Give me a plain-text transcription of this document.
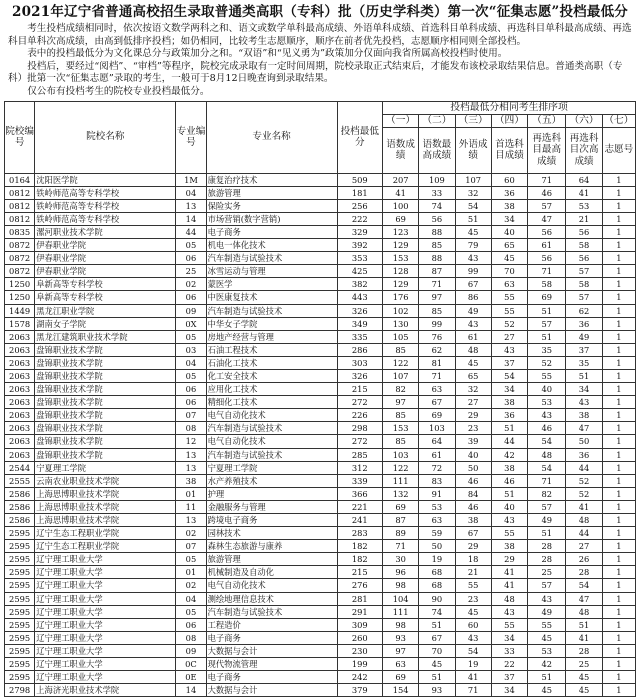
2021年辽宁省普通高校招生录取普通类高职（专科）批（历史学科类）第一次“征集志愿”投档最低分

考生投档成绩相同时，依次按语文数学两科之和、语文或数学单科最高成绩、外语单科成绩、首选科目单科成绩、再选科目单科最高成绩、再选科目单科次高成绩，由高到低排序投档；如仍相同，比较考生志愿顺序，顺序在前者优先投档，志愿顺序相同则全部投档。

表中的投档最低分为文化课总分与政策加分之和。“双语”和“见义勇为”政策加分仅面向我省所属高校投档时使用。

投档后，要经过“阅档”、“审档”等程序，院校完成录取有一定时间周期，院校录取正式结束后，才能发布该校录取结果信息。普通类高职（专科）批第一次“征集志愿”录取的考生，一般可于8月12日晚查询到录取结果。

仅公布有投档考生的院校专业投档最低分。

院校编号	院校名称	专业编号	专业名称	投档最低分	投档最低分相同考生排序项						
					（一）	（二）	（三）	（四）	（五）	（六）	（七）
					语数成绩	语数最高成绩	外语成绩	首选科目成绩	再选科目最高成绩	再选科目次高成绩	志愿号
0164	沈阳医学院	1M	康复治疗技术	509	207	109	107	60	71	64	1
0812	铁岭师范高等专科学校	04	旅游管理	181	41	33	32	36	46	41	1
0812	铁岭师范高等专科学校	13	保险实务	256	100	74	54	38	57	53	1
0812	铁岭师范高等专科学校	14	市场营销(数字营销)	222	69	56	51	34	47	21	1
0835	漯河职业技术学院	44	电子商务	329	123	88	45	40	56	56	1
0872	伊春职业学院	05	机电一体化技术	392	129	85	79	65	61	58	1
0872	伊春职业学院	06	汽车制造与试验技术	353	153	88	43	45	56	56	1
0872	伊春职业学院	25	冰雪运动与管理	425	128	87	99	70	71	57	1
1250	阜新高等专科学校	02	蒙医学	382	129	71	67	63	58	58	1
1250	阜新高等专科学校	06	中医康复技术	443	176	97	86	55	69	57	1
1449	黑龙江职业学院	09	汽车制造与试验技术	326	102	85	49	55	51	62	1
1578	湖南女子学院	0X	中华女子学院	349	130	99	43	52	57	36	1
2063	黑龙江建筑职业技术学院	05	房地产经营与管理	335	105	76	61	27	51	49	1
2063	盘锦职业技术学院	03	石油工程技术	286	85	62	48	43	35	37	1
2063	盘锦职业技术学院	04	石油化工技术	303	122	81	45	37	52	35	1
2063	盘锦职业技术学院	05	化工安全技术	326	107	71	65	54	55	51	1
2063	盘锦职业技术学院	06	应用化工技术	215	82	63	32	34	40	34	1
2063	盘锦职业技术学院	06	精细化工技术	272	97	67	27	38	53	43	1
2063	盘锦职业技术学院	07	电气自动化技术	226	85	69	29	36	43	38	1
2063	盘锦职业技术学院	08	汽车制造与试验技术	298	153	103	23	51	46	47	1
2063	盘锦职业技术学院	12	电气自动化技术	272	85	64	39	44	54	50	1
2063	盘锦职业技术学院	13	汽车制造与试验技术	285	103	61	40	42	48	36	1
2544	宁夏理工学院	13	宁夏理工学院	312	122	72	50	38	54	44	1
2555	云南农业职业技术学院	38	水产养殖技术	339	111	83	46	46	71	52	1
2586	上海思博职业技术学院	01	护理	366	132	91	84	51	82	52	1
2586	上海思博职业技术学院	11	金融服务与管理	221	69	53	46	40	57	41	1
2586	上海思博职业技术学院	13	跨境电子商务	241	87	63	38	43	49	48	1
2595	辽宁生态工程职业学院	02	园林技术	283	89	59	67	55	51	44	1
2595	辽宁生态工程职业学院	07	森林生态旅游与康养	182	71	50	29	38	28	27	1
2595	辽宁理工职业大学	05	旅游管理	182	30	19	18	29	28	26	1
2595	辽宁理工职业大学	01	机械制造及自动化	215	96	68	21	41	25	28	1
2595	辽宁理工职业大学	02	电气自动化技术	276	98	68	55	41	57	54	1
2595	辽宁理工职业大学	04	测绘地理信息技术	281	104	90	23	48	43	47	1
2595	辽宁理工职业大学	05	汽车制造与试验技术	291	111	74	45	43	49	48	1
2595	辽宁理工职业大学	06	工程造价	309	98	51	60	55	55	51	1
2595	辽宁理工职业大学	08	电子商务	260	93	67	43	34	45	41	1
2595	辽宁理工职业大学	09	大数据与会计	230	97	70	54	33	53	28	1
2595	辽宁理工职业大学	0C	现代物流管理	199	63	45	19	22	42	25	1
2595	辽宁理工职业大学	0E	电子商务	242	69	51	41	37	51	45	1
2798	上海济光职业技术学院	14	大数据与会计	379	154	93	71	34	45	45	1
